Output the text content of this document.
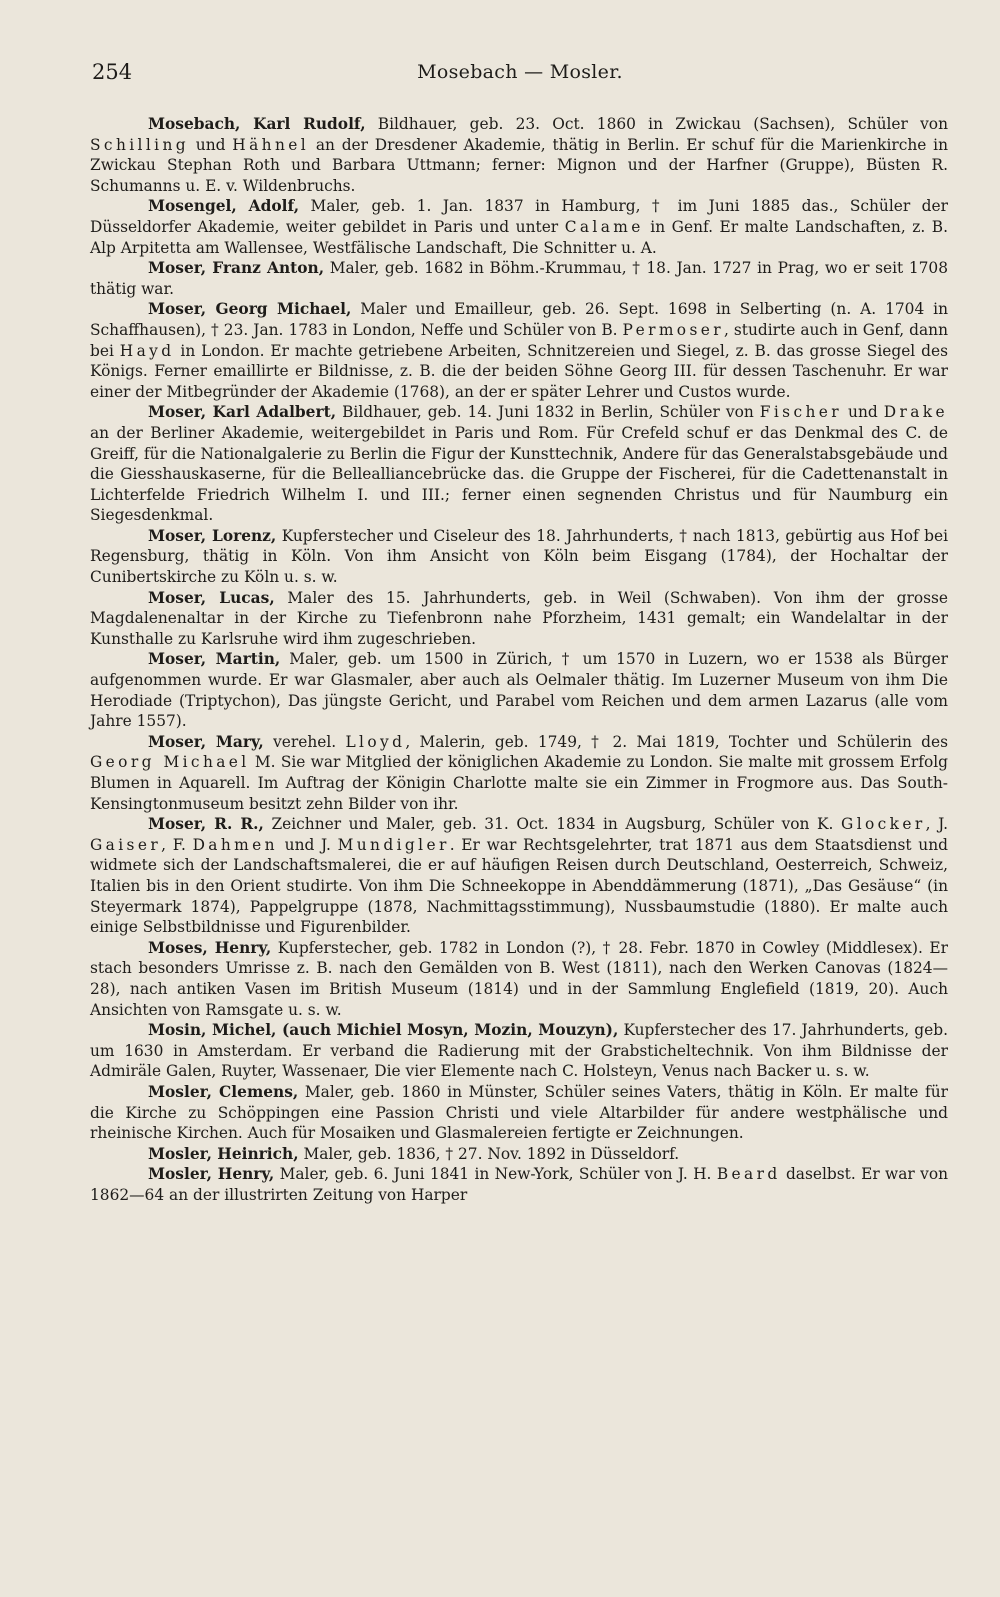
254	Mosebach — Mosler.

Mosebach, Karl Rudolf, Bildhauer, geb. 23. Oct. 1860 in Zwickau (Sachsen), Schüler von Schilling und Hähnel an der Dresdener Akademie, thätig in Berlin. Er schuf für die Marienkirche in Zwickau Stephan Roth und Barbara Uttmann; ferner: Mignon und der Harfner (Gruppe), Büsten R. Schumanns u. E. v. Wildenbruchs.

Mosengel, Adolf, Maler, geb. 1. Jan. 1837 in Hamburg, † im Juni 1885 das., Schüler der Düsseldorfer Akademie, weiter gebildet in Paris und unter Calame in Genf. Er malte Landschaften, z. B. Alp Arpitetta am Wallensee, Westfälische Landschaft, Die Schnitter u. A.

Moser, Franz Anton, Maler, geb. 1682 in Böhm.-Krummau, † 18. Jan. 1727 in Prag, wo er seit 1708 thätig war.

Moser, Georg Michael, Maler und Emailleur, geb. 26. Sept. 1698 in Selberting (n. A. 1704 in Schaffhausen), † 23. Jan. 1783 in London, Neffe und Schüler von B. Permoser, studirte auch in Genf, dann bei Hayd in London. Er machte getriebene Arbeiten, Schnitzereien und Siegel, z. B. das grosse Siegel des Königs. Ferner emaillirte er Bildnisse, z. B. die der beiden Söhne Georg III. für dessen Taschenuhr. Er war einer der Mitbegründer der Akademie (1768), an der er später Lehrer und Custos wurde.

Moser, Karl Adalbert, Bildhauer, geb. 14. Juni 1832 in Berlin, Schüler von Fischer und Drake an der Berliner Akademie, weitergebildet in Paris und Rom. Für Crefeld schuf er das Denkmal des C. de Greiff, für die Nationalgalerie zu Berlin die Figur der Kunsttechnik, Andere für das Generalstabsgebäude und die Giesshauskaserne, für die Bellealliancebrücke das. die Gruppe der Fischerei, für die Cadettenanstalt in Lichterfelde Friedrich Wilhelm I. und III.; ferner einen segnenden Christus und für Naumburg ein Siegesdenkmal.

Moser, Lorenz, Kupferstecher und Ciseleur des 18. Jahrhunderts, † nach 1813, gebürtig aus Hof bei Regensburg, thätig in Köln. Von ihm Ansicht von Köln beim Eisgang (1784), der Hochaltar der Cunibertskirche zu Köln u. s. w.

Moser, Lucas, Maler des 15. Jahrhunderts, geb. in Weil (Schwaben). Von ihm der grosse Magdalenenaltar in der Kirche zu Tiefenbronn nahe Pforzheim, 1431 gemalt; ein Wandelaltar in der Kunsthalle zu Karlsruhe wird ihm zugeschrieben.

Moser, Martin, Maler, geb. um 1500 in Zürich, † um 1570 in Luzern, wo er 1538 als Bürger aufgenommen wurde. Er war Glasmaler, aber auch als Oelmaler thätig. Im Luzerner Museum von ihm Die Herodiade (Triptychon), Das jüngste Gericht, und Parabel vom Reichen und dem armen Lazarus (alle vom Jahre 1557).

Moser, Mary, verehel. Lloyd, Malerin, geb. 1749, † 2. Mai 1819, Tochter und Schülerin des Georg Michael M. Sie war Mitglied der königlichen Akademie zu London. Sie malte mit grossem Erfolg Blumen in Aquarell. Im Auftrag der Königin Charlotte malte sie ein Zimmer in Frogmore aus. Das South-Kensingtonmuseum besitzt zehn Bilder von ihr.

Moser, R. R., Zeichner und Maler, geb. 31. Oct. 1834 in Augsburg, Schüler von K. Glocker, J. Gaiser, F. Dahmen und J. Mundigler. Er war Rechtsgelehrter, trat 1871 aus dem Staatsdienst und widmete sich der Landschaftsmalerei, die er auf häufigen Reisen durch Deutschland, Oesterreich, Schweiz, Italien bis in den Orient studirte. Von ihm Die Schneekoppe in Abenddämmerung (1871), „Das Gesäuse“ (in Steyermark 1874), Pappelgruppe (1878, Nachmittagsstimmung), Nussbaumstudie (1880). Er malte auch einige Selbstbildnisse und Figurenbilder.

Moses, Henry, Kupferstecher, geb. 1782 in London (?), † 28. Febr. 1870 in Cowley (Middlesex). Er stach besonders Umrisse z. B. nach den Gemälden von B. West (1811), nach den Werken Canovas (1824—28), nach antiken Vasen im British Museum (1814) und in der Sammlung Englefield (1819, 20). Auch Ansichten von Ramsgate u. s. w.

Mosin, Michel, (auch Michiel Mosyn, Mozin, Mouzyn), Kupferstecher des 17. Jahrhunderts, geb. um 1630 in Amsterdam. Er verband die Radierung mit der Grabsticheltechnik. Von ihm Bildnisse der Admiräle Galen, Ruyter, Wassenaer, Die vier Elemente nach C. Holsteyn, Venus nach Backer u. s. w.

Mosler, Clemens, Maler, geb. 1860 in Münster, Schüler seines Vaters, thätig in Köln. Er malte für die Kirche zu Schöppingen eine Passion Christi und viele Altarbilder für andere westphälische und rheinische Kirchen. Auch für Mosaiken und Glasmalereien fertigte er Zeichnungen.

Mosler, Heinrich, Maler, geb. 1836, † 27. Nov. 1892 in Düsseldorf.

Mosler, Henry, Maler, geb. 6. Juni 1841 in New-York, Schüler von J. H. Beard daselbst. Er war von 1862—64 an der illustrirten Zeitung von Harper
